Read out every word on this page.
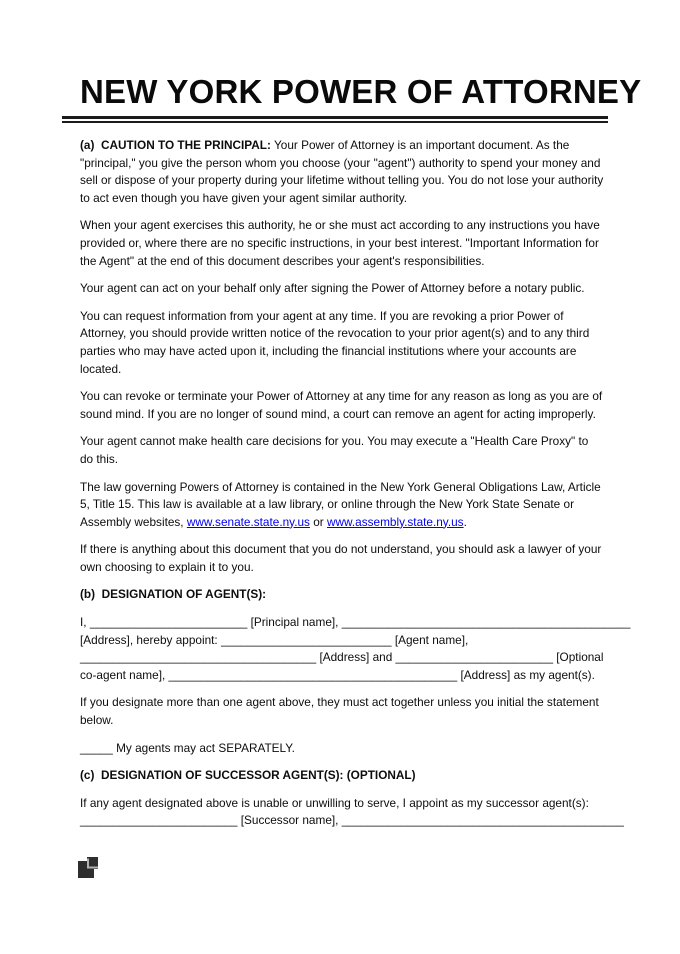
NEW YORK POWER OF ATTORNEY

(a)  CAUTION TO THE PRINCIPAL: Your Power of Attorney is an important document. As the "principal," you give the person whom you choose (your "agent") authority to spend your money and sell or dispose of your property during your lifetime without telling you. You do not lose your authority to act even though you have given your agent similar authority.

When your agent exercises this authority, he or she must act according to any instructions you have provided or, where there are no specific instructions, in your best interest. "Important Information for the Agent" at the end of this document describes your agent's responsibilities.

Your agent can act on your behalf only after signing the Power of Attorney before a notary public.

You can request information from your agent at any time. If you are revoking a prior Power of Attorney, you should provide written notice of the revocation to your prior agent(s) and to any third parties who may have acted upon it, including the financial institutions where your accounts are located.

You can revoke or terminate your Power of Attorney at any time for any reason as long as you are of sound mind. If you are no longer of sound mind, a court can remove an agent for acting improperly.

Your agent cannot make health care decisions for you. You may execute a "Health Care Proxy" to do this.

The law governing Powers of Attorney is contained in the New York General Obligations Law, Article 5, Title 15. This law is available at a law library, or online through the New York State Senate or Assembly websites, www.senate.state.ny.us or www.assembly.state.ny.us.

If there is anything about this document that you do not understand, you should ask a lawyer of your own choosing to explain it to you.

(b)  DESIGNATION OF AGENT(S):

I, ________________________ [Principal name], ____________________________________________
[Address], hereby appoint: __________________________ [Agent name],
____________________________________ [Address] and ________________________ [Optional
co-agent name], ____________________________________________ [Address] as my agent(s).

If you designate more than one agent above, they must act together unless you initial the statement below.

_____ My agents may act SEPARATELY.

(c)  DESIGNATION OF SUCCESSOR AGENT(S): (OPTIONAL)

If any agent designated above is unable or unwilling to serve, I appoint as my successor agent(s):
________________________ [Successor name], ___________________________________________
